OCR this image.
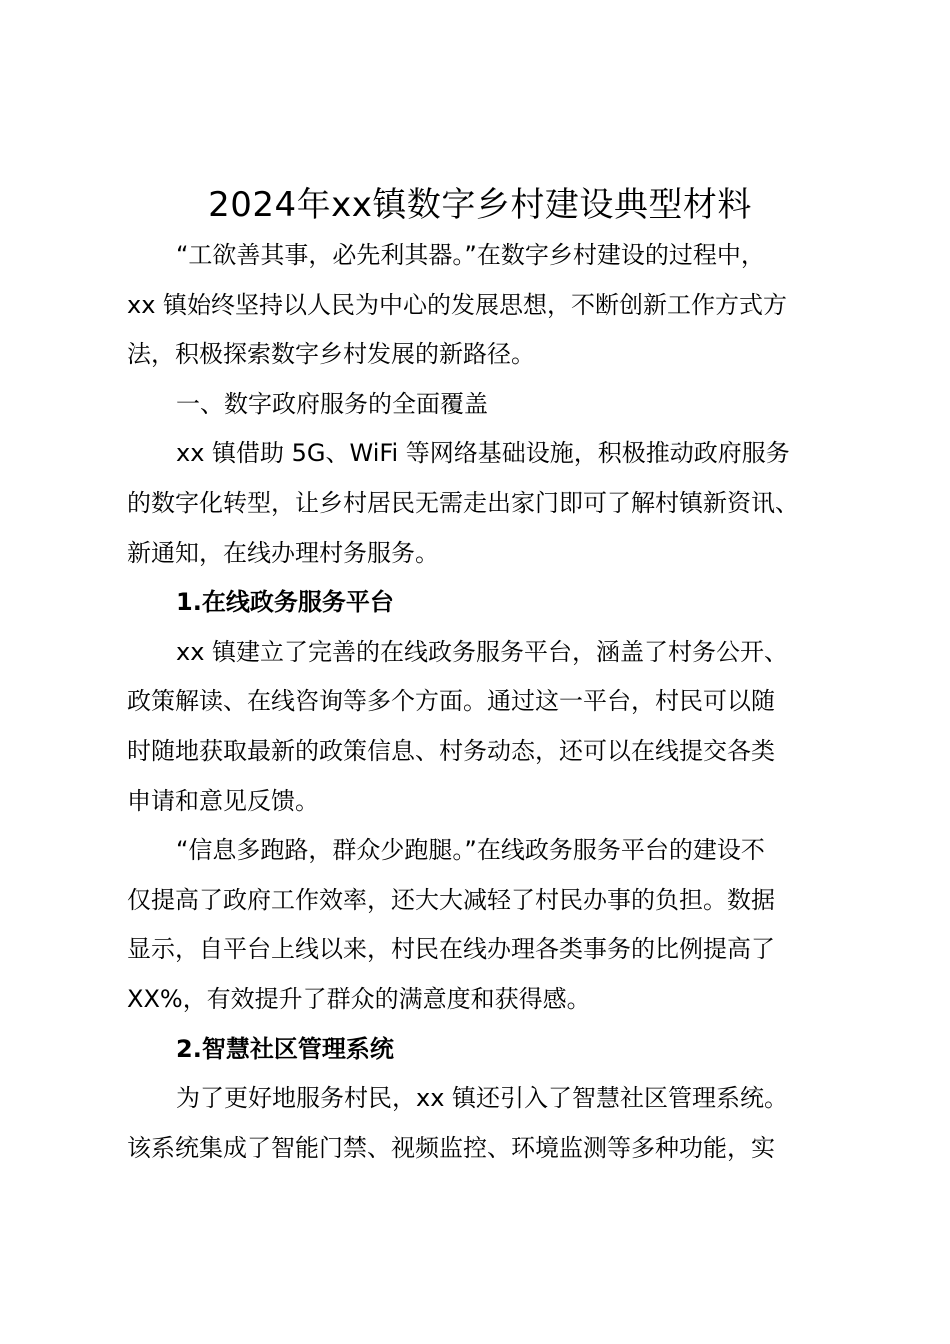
2024年xx镇数字乡村建设典型材料
“工欲善其事，必先利其器。”在数字乡村建设的过程中，
xx 镇始终坚持以人民为中心的发展思想，不断创新工作方式方
法，积极探索数字乡村发展的新路径。
一、数字政府服务的全面覆盖
xx 镇借助 5G、WiFi 等网络基础设施，积极推动政府服务
的数字化转型，让乡村居民无需走出家门即可了解村镇新资讯、
新通知，在线办理村务服务。
1.在线政务服务平台
xx 镇建立了完善的在线政务服务平台，涵盖了村务公开、
政策解读、在线咨询等多个方面。通过这一平台，村民可以随
时随地获取最新的政策信息、村务动态，还可以在线提交各类
申请和意见反馈。
“信息多跑路，群众少跑腿。”在线政务服务平台的建设不
仅提高了政府工作效率，还大大减轻了村民办事的负担。数据
显示，自平台上线以来，村民在线办理各类事务的比例提高了
XX%，有效提升了群众的满意度和获得感。
2.智慧社区管理系统
为了更好地服务村民，xx 镇还引入了智慧社区管理系统。
该系统集成了智能门禁、视频监控、环境监测等多种功能，实
